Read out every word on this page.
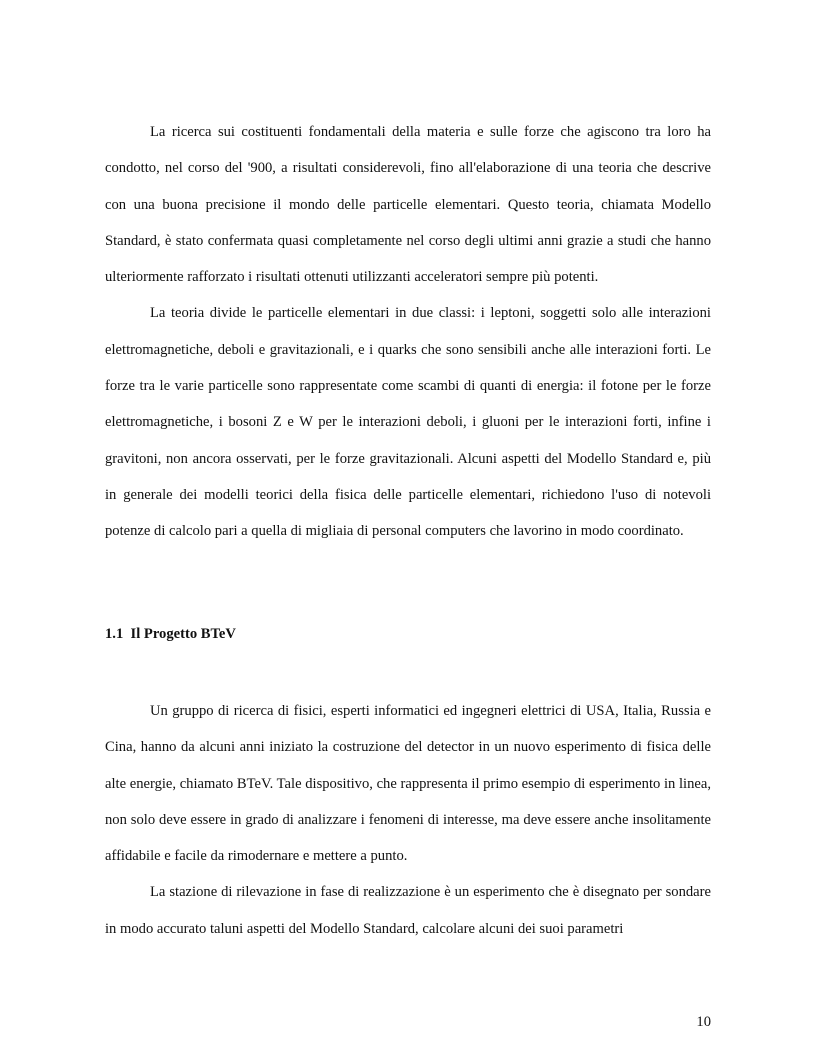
La ricerca sui costituenti fondamentali della materia e sulle forze che agiscono tra loro ha condotto, nel corso del '900, a risultati considerevoli, fino all'elaborazione di una teoria che descrive con una buona precisione il mondo delle particelle elementari. Questo teoria, chiamata Modello Standard, è stato confermata quasi completamente nel corso degli ultimi anni grazie a studi che hanno ulteriormente rafforzato i risultati ottenuti utilizzanti acceleratori sempre più potenti.

La teoria divide le particelle elementari in due classi: i leptoni, soggetti solo alle interazioni elettromagnetiche, deboli e gravitazionali, e i quarks che sono sensibili anche alle interazioni forti. Le forze tra le varie particelle sono rappresentate come scambi di quanti di energia: il fotone per le forze elettromagnetiche, i bosoni Z e W per le interazioni deboli, i gluoni per le interazioni forti, infine i gravitoni, non ancora osservati, per le forze gravitazionali. Alcuni aspetti del Modello Standard e, più in generale dei modelli teorici della fisica delle particelle elementari, richiedono l'uso di notevoli potenze di calcolo pari a quella di migliaia di personal computers che lavorino in modo coordinato.

1.1 Il Progetto BTeV

Un gruppo di ricerca di fisici, esperti informatici ed ingegneri elettrici di USA, Italia, Russia e Cina, hanno da alcuni anni iniziato la costruzione del detector in un nuovo esperimento di fisica delle alte energie, chiamato BTeV. Tale dispositivo, che rappresenta il primo esempio di esperimento in linea, non solo deve essere in grado di analizzare i fenomeni di interesse, ma deve essere anche insolitamente affidabile e facile da rimodernare e mettere a punto.

La stazione di rilevazione in fase di realizzazione è un esperimento che è disegnato per sondare in modo accurato taluni aspetti del Modello Standard, calcolare alcuni dei suoi parametri

10
